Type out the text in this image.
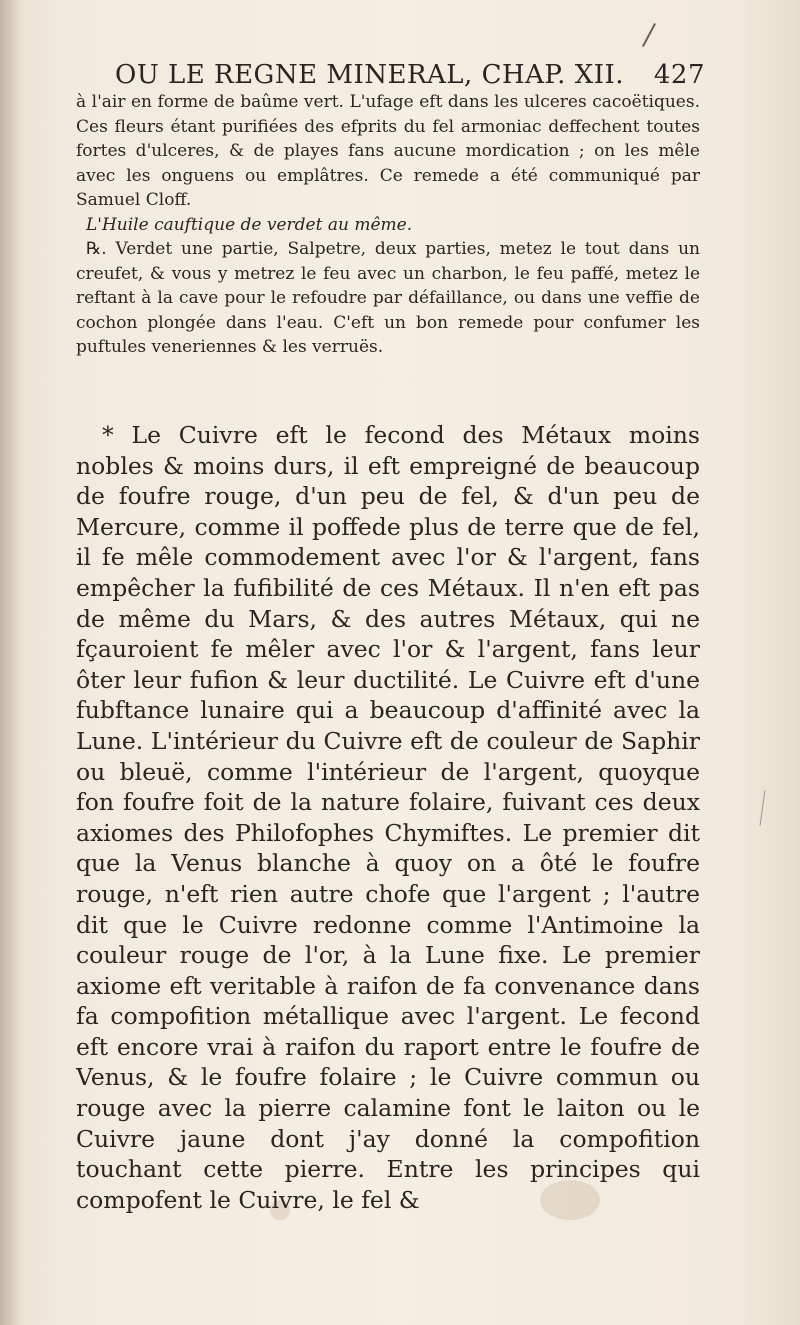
OU LE REGNE MINERAL, CHAP. XII. 427

à l'air en forme de baûme vert. L'ufage eft dans les ulceres cacoëtiques. Ces fleurs étant purifiées des efprits du fel armoniac deffechent toutes fortes d'ulceres, & de playes fans aucune mordication ; on les mêle avec les onguens ou emplâtres. Ce remede a été communiqué par Samuel Cloff.

L'Huile cauftique de verdet au même.

℞. Verdet une partie, Salpetre, deux parties, metez le tout dans un creufet, & vous y metrez le feu avec un charbon, le feu paffé, metez le reftant à la cave pour le refoudre par défaillance, ou dans une veffie de cochon plongée dans l'eau. C'eft un bon remede pour confumer les puftules veneriennes & les verruës.

* Le Cuivre eft le fecond des Métaux moins nobles & moins durs, il eft empreigné de beaucoup de foufre rouge, d'un peu de fel, & d'un peu de Mercure, comme il poffede plus de terre que de fel, il fe mêle commodement avec l'or & l'argent, fans empêcher la fufibilité de ces Métaux. Il n'en eft pas de même du Mars, & des autres Métaux, qui ne fçauroient fe mêler avec l'or & l'argent, fans leur ôter leur fufion & leur ductilité. Le Cuivre eft d'une fubftance lunaire qui a beaucoup d'affinité avec la Lune. L'intérieur du Cuivre eft de couleur de Saphir ou bleuë, comme l'intérieur de l'argent, quoyque fon foufre foit de la nature folaire, fuivant ces deux axiomes des Philofophes Chymiftes. Le premier dit que la Venus blanche à quoy on a ôté le foufre rouge, n'eft rien autre chofe que l'argent ; l'autre dit que le Cuivre redonne comme l'Antimoine la couleur rouge de l'or, à la Lune fixe. Le premier axiome eft veritable à raifon de fa convenance dans fa compofition métallique avec l'argent. Le fecond eft encore vrai à raifon du raport entre le foufre de Venus, & le foufre folaire ; le Cuivre commun ou rouge avec la pierre calamine font le laiton ou le Cuivre jaune dont j'ay donné la compofition touchant cette pierre. Entre les principes qui compofent le Cuivre, le fel &
